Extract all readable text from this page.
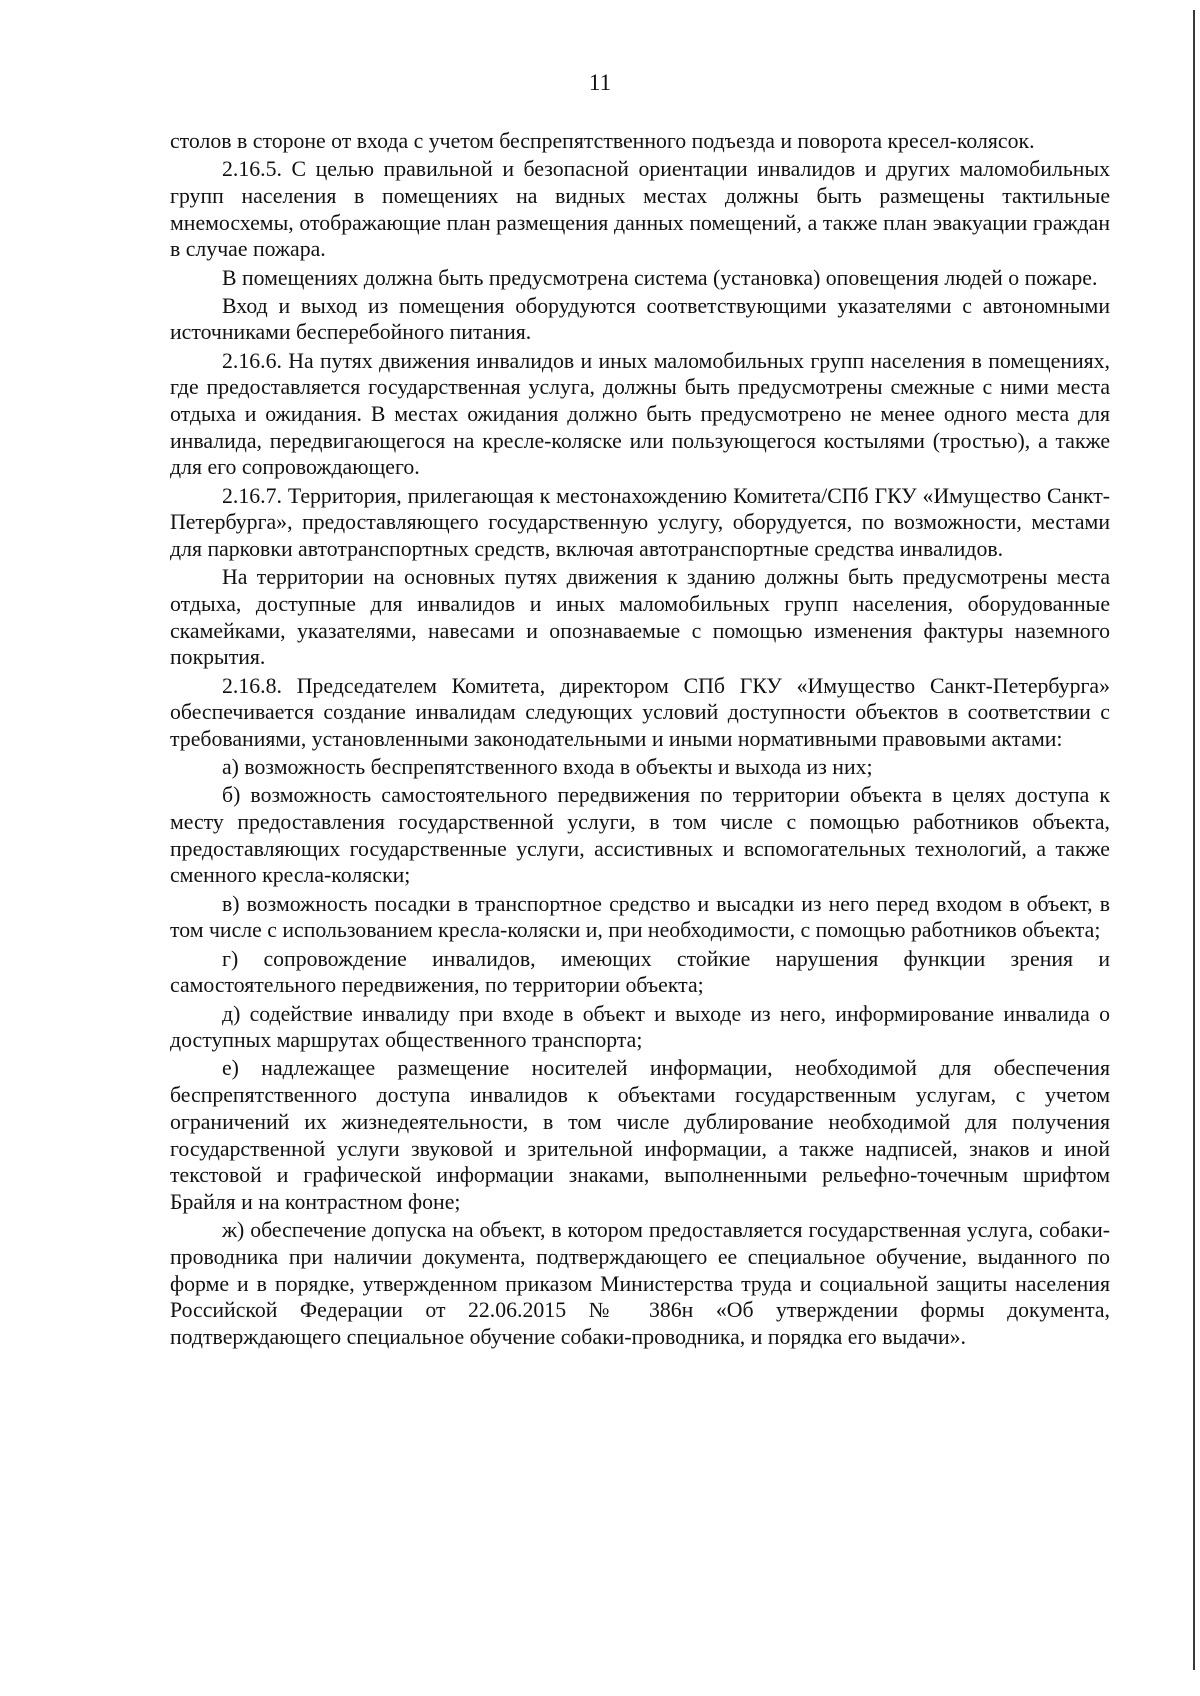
11

столов в стороне от входа с учетом беспрепятственного подъезда и поворота кресел-колясок.

2.16.5. С целью правильной и безопасной ориентации инвалидов и других маломобильных групп населения в помещениях на видных местах должны быть размещены тактильные мнемосхемы, отображающие план размещения данных помещений, а также план эвакуации граждан в случае пожара.

В помещениях должна быть предусмотрена система (установка) оповещения людей о пожаре.

Вход и выход из помещения оборудуются соответствующими указателями с автономными источниками бесперебойного питания.

2.16.6. На путях движения инвалидов и иных маломобильных групп населения в помещениях, где предоставляется государственная услуга, должны быть предусмотрены смежные с ними места отдыха и ожидания. В местах ожидания должно быть предусмотрено не менее одного места для инвалида, передвигающегося на кресле-коляске или пользующегося костылями (тростью), а также для его сопровождающего.

2.16.7. Территория, прилегающая к местонахождению Комитета/СПб ГКУ «Имущество Санкт-Петербурга», предоставляющего государственную услугу, оборудуется, по возможности, местами для парковки автотранспортных средств, включая автотранспортные средства инвалидов.

На территории на основных путях движения к зданию должны быть предусмотрены места отдыха, доступные для инвалидов и иных маломобильных групп населения, оборудованные скамейками, указателями, навесами и опознаваемые с помощью изменения фактуры наземного покрытия.

2.16.8. Председателем Комитета, директором СПб ГКУ «Имущество Санкт-Петербурга» обеспечивается создание инвалидам следующих условий доступности объектов в соответствии с требованиями, установленными законодательными и иными нормативными правовыми актами:

а) возможность беспрепятственного входа в объекты и выхода из них;

б) возможность самостоятельного передвижения по территории объекта в целях доступа к месту предоставления государственной услуги, в том числе с помощью работников объекта, предоставляющих государственные услуги, ассистивных и вспомогательных технологий, а также сменного кресла-коляски;

в) возможность посадки в транспортное средство и высадки из него перед входом в объект, в том числе с использованием кресла-коляски и, при необходимости, с помощью работников объекта;

г) сопровождение инвалидов, имеющих стойкие нарушения функции зрения и самостоятельного передвижения, по территории объекта;

д) содействие инвалиду при входе в объект и выходе из него, информирование инвалида о доступных маршрутах общественного транспорта;

е) надлежащее размещение носителей информации, необходимой для обеспечения беспрепятственного доступа инвалидов к объектами государственным услугам, с учетом ограничений их жизнедеятельности, в том числе дублирование необходимой для получения государственной услуги звуковой и зрительной информации, а также надписей, знаков и иной текстовой и графической информации знаками, выполненными рельефно-точечным шрифтом Брайля и на контрастном фоне;

ж) обеспечение допуска на объект, в котором предоставляется государственная услуга, собаки-проводника при наличии документа, подтверждающего ее специальное обучение, выданного по форме и в порядке, утвержденном приказом Министерства труда и социальной защиты населения Российской Федерации от 22.06.2015 № 386н «Об утверждении формы документа, подтверждающего специальное обучение собаки-проводника, и порядка его выдачи».
